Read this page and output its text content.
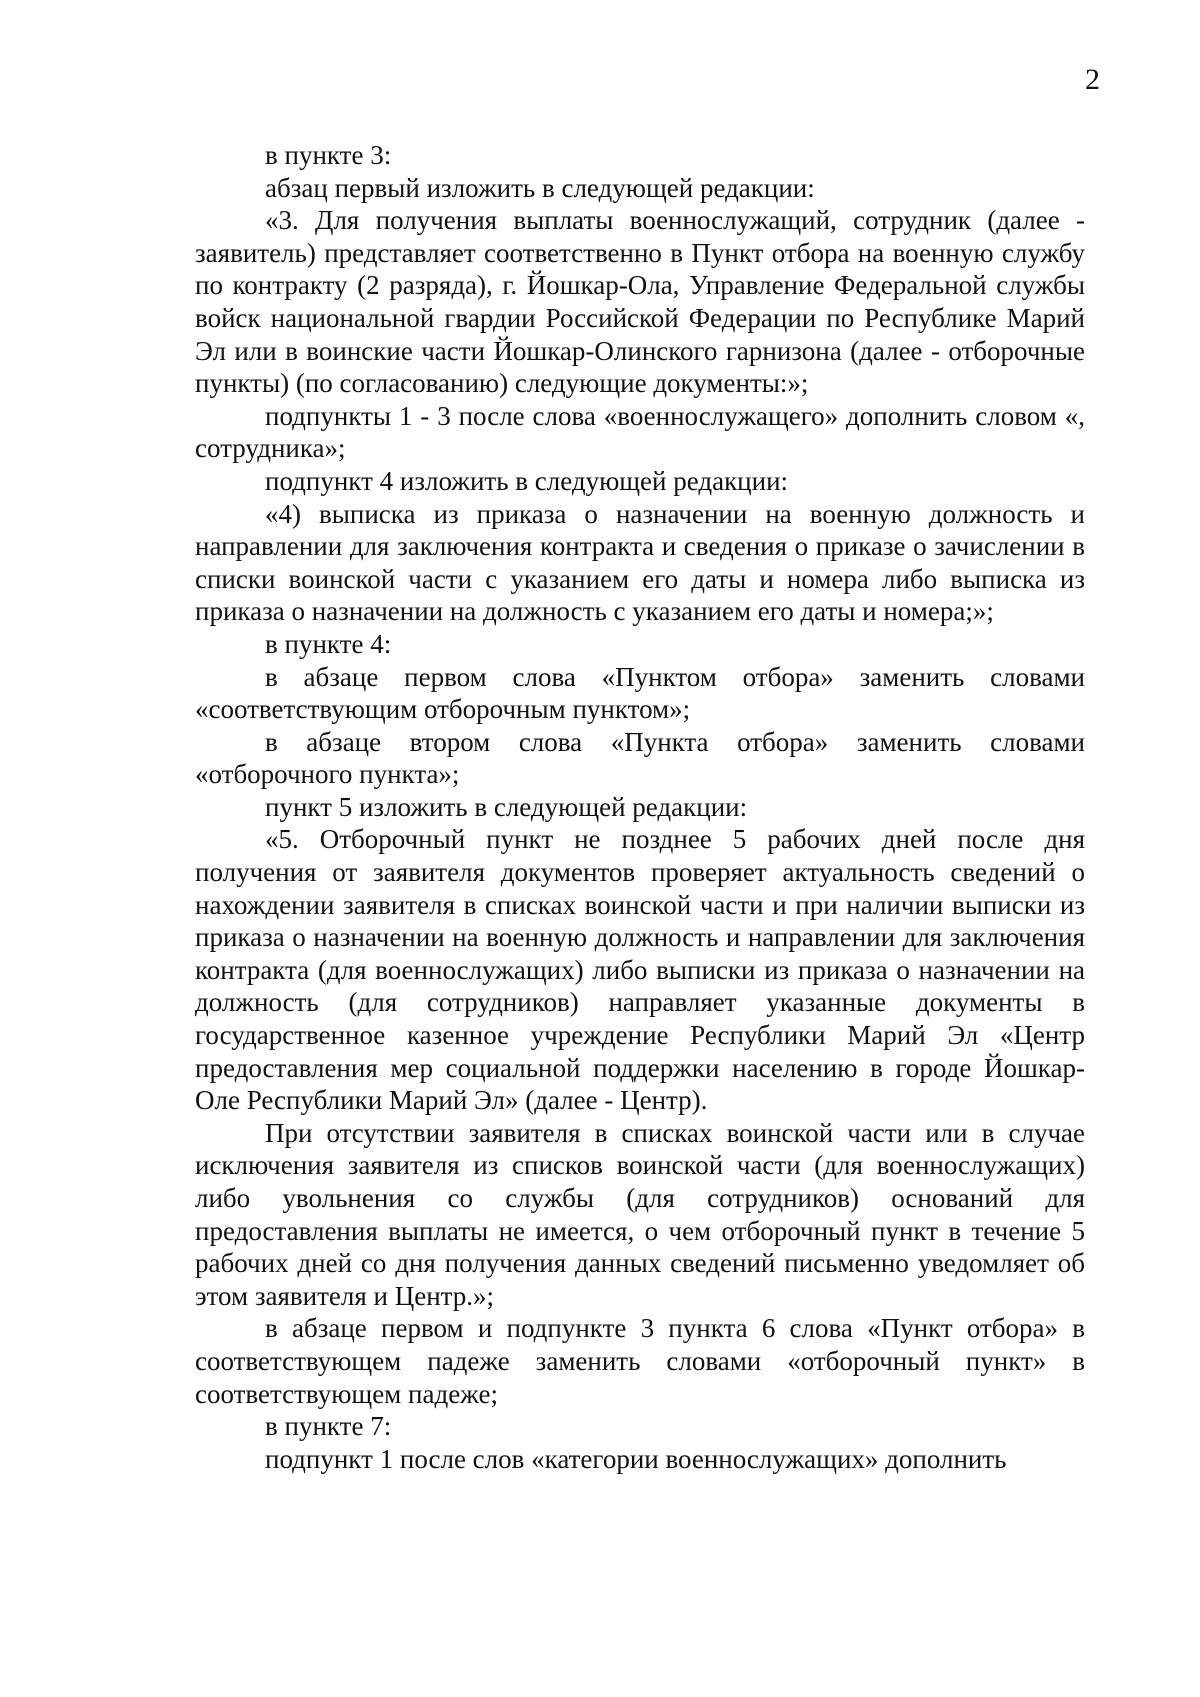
2

в пункте 3:

абзац первый изложить в следующей редакции:

«3. Для получения выплаты военнослужащий, сотрудник (далее - заявитель) представляет соответственно в Пункт отбора на военную службу по контракту (2 разряда), г. Йошкар-Ола, Управление Федеральной службы войск национальной гвардии Российской Федерации по Республике Марий Эл или в воинские части Йошкар-Олинского гарнизона (далее - отборочные пункты) (по согласованию) следующие документы:»;

подпункты 1 - 3 после слова «военнослужащего» дополнить словом «, сотрудника»;

подпункт 4 изложить в следующей редакции:

«4) выписка из приказа о назначении на военную должность и направлении для заключения контракта и сведения о приказе о зачислении в списки воинской части с указанием его даты и номера либо выписка из приказа о назначении на должность с указанием его даты и номера;»;

в пункте 4:

в абзаце первом слова «Пунктом отбора» заменить словами «соответствующим отборочным пунктом»;

в абзаце втором слова «Пункта отбора» заменить словами «отборочного пункта»;

пункт 5 изложить в следующей редакции:

«5. Отборочный пункт не позднее 5 рабочих дней после дня получения от заявителя документов проверяет актуальность сведений о нахождении заявителя в списках воинской части и при наличии выписки из приказа о назначении на военную должность и направлении для заключения контракта (для военнослужащих) либо выписки из приказа о назначении на должность (для сотрудников) направляет указанные документы в государственное казенное учреждение Республики Марий Эл «Центр предоставления мер социальной поддержки населению в городе Йошкар-Оле Республики Марий Эл» (далее - Центр).

При отсутствии заявителя в списках воинской части или в случае исключения заявителя из списков воинской части (для военнослужащих) либо увольнения со службы (для сотрудников) оснований для предоставления выплаты не имеется, о чем отборочный пункт в течение 5 рабочих дней со дня получения данных сведений письменно уведомляет об этом заявителя и Центр.»;

в абзаце первом и подпункте 3 пункта 6 слова «Пункт отбора» в соответствующем падеже заменить словами «отборочный пункт» в соответствующем падеже;

в пункте 7:

подпункт 1 после слов «категории военнослужащих» дополнить
